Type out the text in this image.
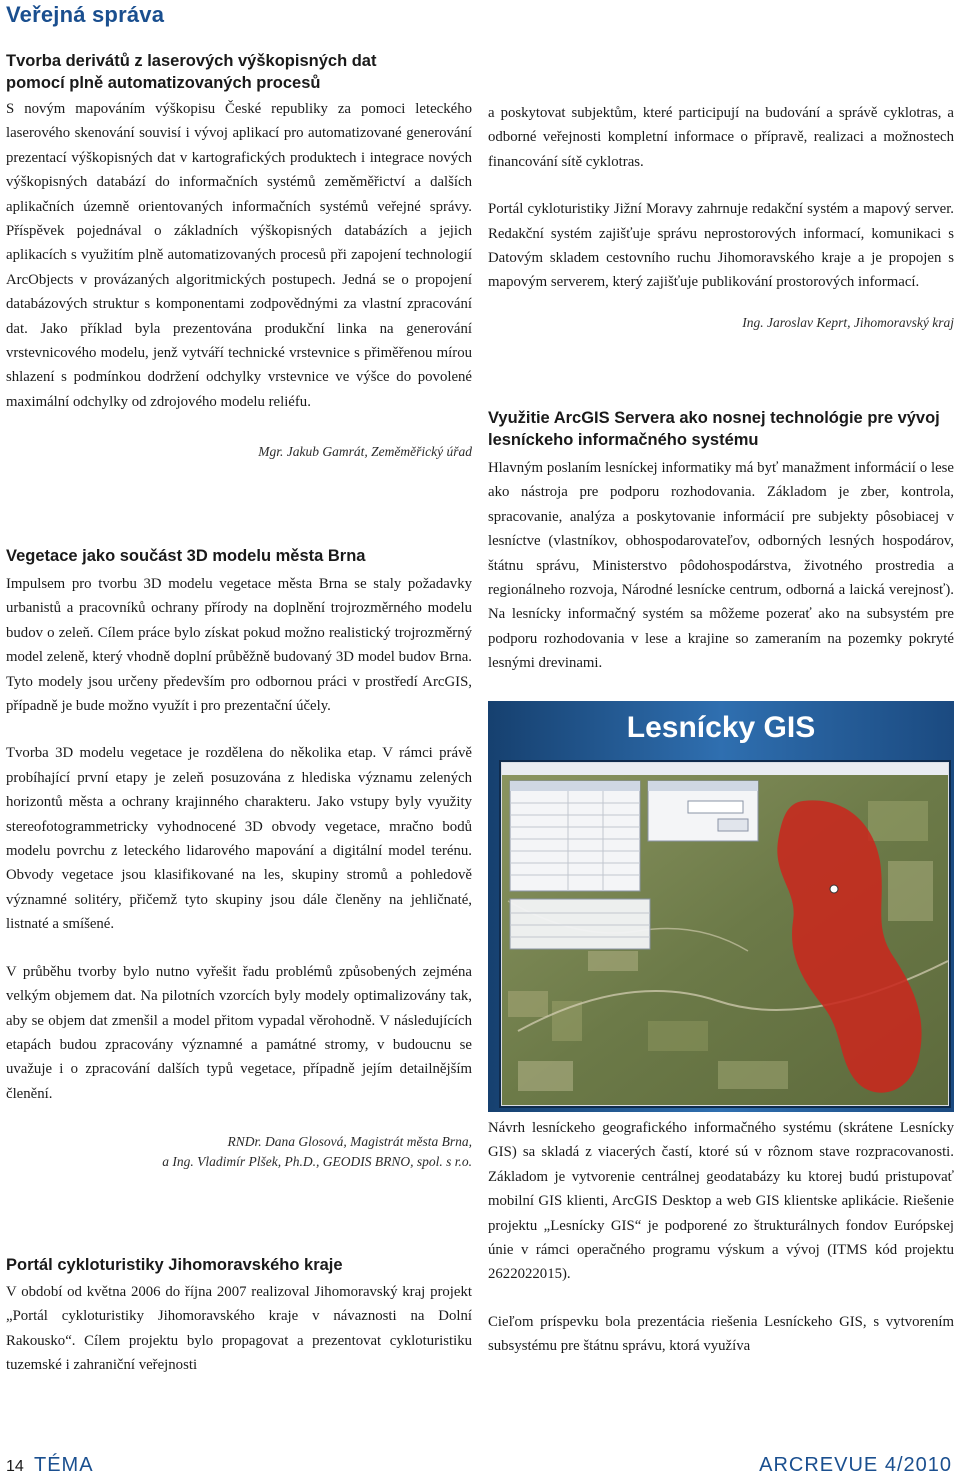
Veřejná správa
Tvorba derivátů z laserových výškopisných dat pomocí plně automatizovaných procesů

S novým mapováním výškopisu České republiky za pomoci leteckého laserového skenování souvisí i vývoj aplikací pro automatizované generování prezentací výškopisných dat v kartografických produktech i integrace nových výškopisných databází do informačních systémů zeměměřictví a dalších aplikačních územně orientovaných informačních systémů veřejné správy. Příspěvek pojednával o základních výškopisných databázích a jejich aplikacích s využitím plně automatizovaných procesů při zapojení technologií ArcObjects v provázaných algoritmických postupech. Jedná se o propojení databázových struktur s komponentami zodpovědnými za vlastní zpracování dat. Jako příklad byla prezentována produkční linka na generování vrstevnicového modelu, jenž vytváří technické vrstevnice s přiměřenou mírou shlazení s podmínkou dodržení odchylky vrstevnice ve výšce do povolené maximální odchylky od zdrojového modelu reliéfu.

Mgr. Jakub Gamrát, Zeměměřický úřad

Vegetace jako součást 3D modelu města Brna

Impulsem pro tvorbu 3D modelu vegetace města Brna se staly požadavky urbanistů a pracovníků ochrany přírody na doplnění trojrozměrného modelu budov o zeleň. Cílem práce bylo získat pokud možno realistický trojrozměrný model zeleně, který vhodně doplní průběžně budovaný 3D model budov Brna. Tyto modely jsou určeny především pro odbornou práci v prostředí ArcGIS, případně je bude možno využít i pro prezentační účely.

Tvorba 3D modelu vegetace je rozdělena do několika etap. V rámci právě probíhající první etapy je zeleň posuzována z hlediska významu zelených horizontů města a ochrany krajinného charakteru. Jako vstupy byly využity stereofotogrammetricky vyhodnocené 3D obvody vegetace, mračno bodů modelu povrchu z leteckého lidarového mapování a digitální model terénu. Obvody vegetace jsou klasifikované na les, skupiny stromů a pohledově významné solitéry, přičemž tyto skupiny jsou dále členěny na jehličnaté, listnaté a smíšené.

V průběhu tvorby bylo nutno vyřešit řadu problémů způsobených zejména velkým objemem dat. Na pilotních vzorcích byly modely optimalizovány tak, aby se objem dat zmenšil a model přitom vypadal věrohodně. V následujících etapách budou zpracovány významné a památné stromy, v budoucnu se uvažuje i o zpracování dalších typů vegetace, případně jejím detailnějším členění.

RNDr. Dana Glosová, Magistrát města Brna,

a Ing. Vladimír Plšek, Ph.D., GEODIS BRNO, spol. s r.o.

Portál cykloturistiky Jihomoravského kraje

V období od května 2006 do října 2007 realizoval Jihomoravský kraj projekt „Portál cykloturistiky Jihomoravského kraje v návaznosti na Dolní Rakousko“. Cílem projektu bylo propagovat a prezentovat cykloturistiku tuzemské i zahraniční veřejnosti

a poskytovat subjektům, které participují na budování a správě cyklotras, a odborné veřejnosti kompletní informace o přípravě, realizaci a možnostech financování sítě cyklotras.

Portál cykloturistiky Jižní Moravy zahrnuje redakční systém a mapový server. Redakční systém zajišťuje správu neprostorových informací, komunikaci s Datovým skladem cestovního ruchu Jihomoravského kraje a je propojen s mapovým serverem, který zajišťuje publikování prostorových informací.

Ing. Jaroslav Keprt, Jihomoravský kraj

Využitie ArcGIS Servera ako nosnej technológie pre vývoj lesníckeho informačného systému

Hlavným poslaním lesníckej informatiky má byť manažment informácií o lese ako nástroja pre podporu rozhodovania. Základom je zber, kontrola, spracovanie, analýza a poskytovanie informácií pre subjekty pôsobiacej v lesníctve (vlastníkov, obhospodarovateľov, odborných lesných hospodárov, štátnu správu, Ministerstvo pôdohospodárstva, životného prostredia a regionálneho rozvoja, Národné lesnícke centrum, odborná a laická verejnosť). Na lesnícky informačný systém sa môžeme pozerať ako na subsystém pre podporu rozhodovania v lese a krajine so zameraním na pozemky pokryté lesnými drevinami.

Lesnícky GIS

Návrh lesníckeho geografického informačného systému (skrátene Lesnícky GIS) sa skladá z viacerých častí, ktoré sú v rôznom stave rozpracovanosti. Základom je vytvorenie centrálnej geodatabázy ku ktorej budú pristupovať mobilní GIS klienti, ArcGIS Desktop a web GIS klientske aplikácie. Riešenie projektu „Lesnícky GIS“ je podporené zo štrukturálnych fondov Európskej únie v rámci operačného programu výskum a vývoj (ITMS kód projektu 2622022015).

Cieľom príspevku bola prezentácia riešenia Lesníckeho GIS, s vytvorením subsystému pre štátnu správu, ktorá využíva

14 TÉMA	ARCREVUE 4/2010
